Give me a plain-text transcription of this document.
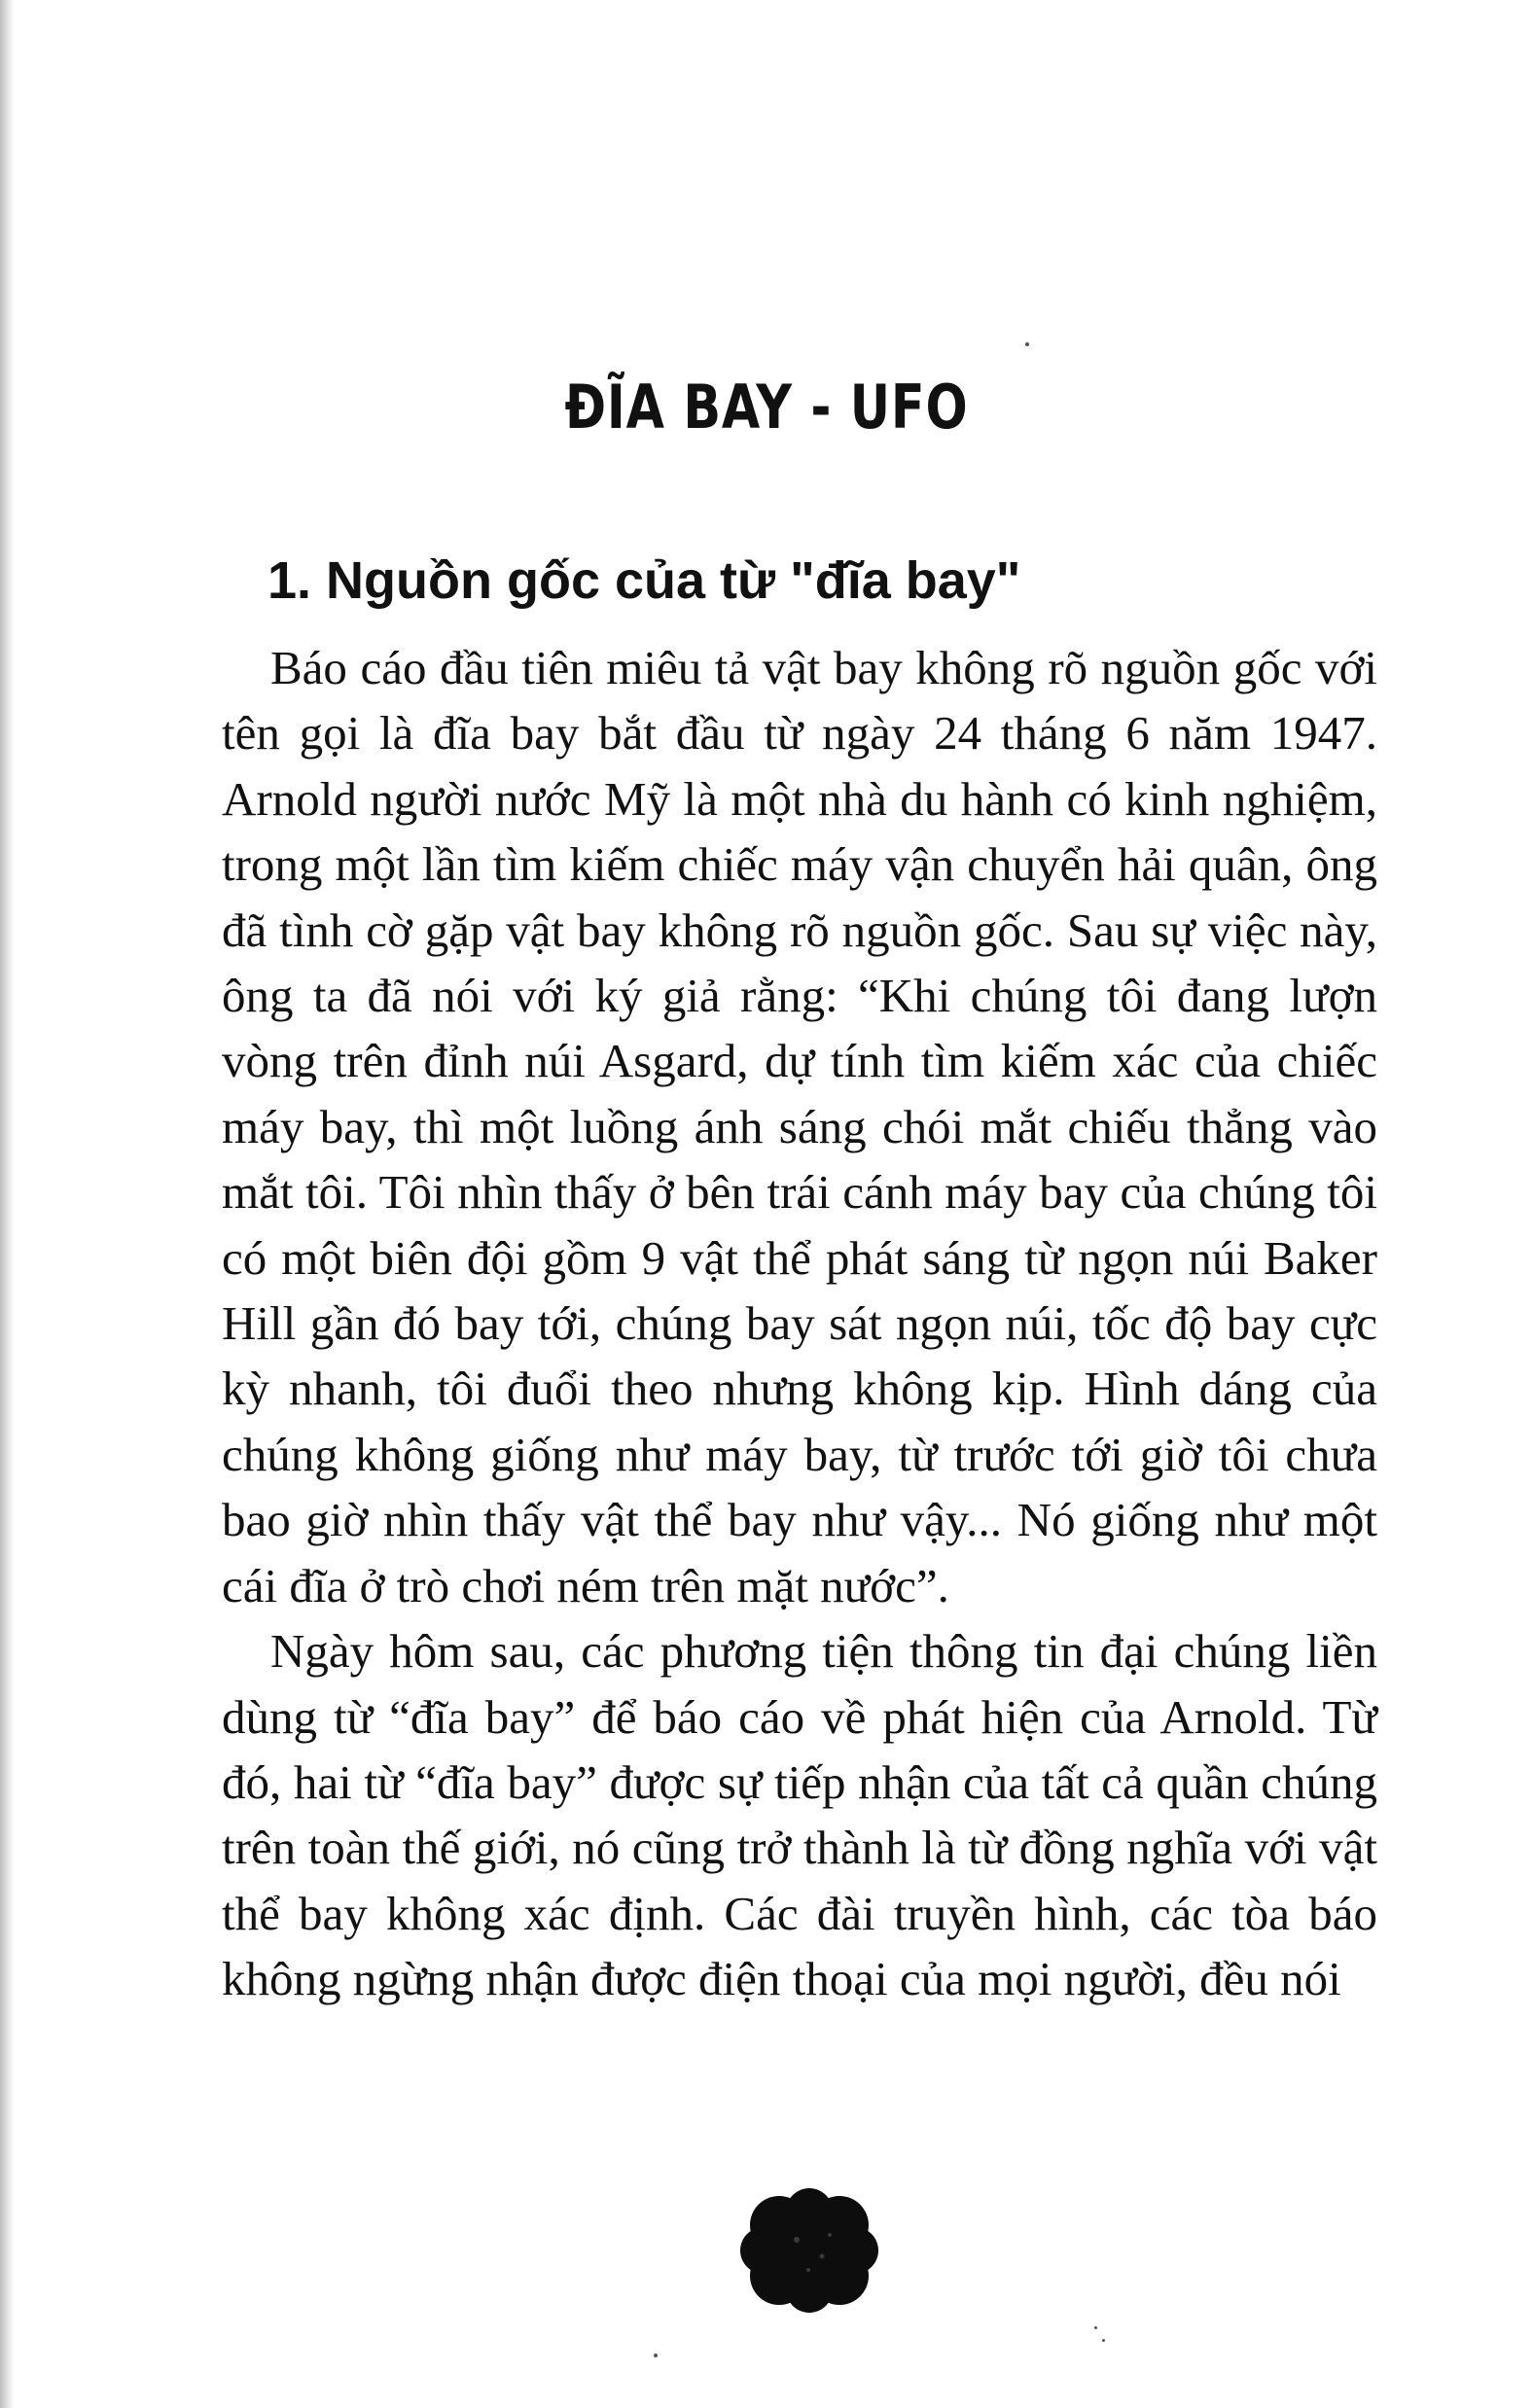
ĐĨA BAY - UFO
1. Nguồn gốc của từ "đĩa bay"

Báo cáo đầu tiên miêu tả vật bay không rõ nguồn gốc với tên gọi là đĩa bay bắt đầu từ ngày 24 tháng 6 năm 1947. Arnold người nước Mỹ là một nhà du hành có kinh nghiệm, trong một lần tìm kiếm chiếc máy vận chuyển hải quân, ông đã tình cờ gặp vật bay không rõ nguồn gốc. Sau sự việc này, ông ta đã nói với ký giả rằng: “Khi chúng tôi đang lượn vòng trên đỉnh núi Asgard, dự tính tìm kiếm xác của chiếc máy bay, thì một luồng ánh sáng chói mắt chiếu thẳng vào mắt tôi. Tôi nhìn thấy ở bên trái cánh máy bay của chúng tôi có một biên đội gồm 9 vật thể phát sáng từ ngọn núi Baker Hill gần đó bay tới, chúng bay sát ngọn núi, tốc độ bay cực kỳ nhanh, tôi đuổi theo nhưng không kịp. Hình dáng của chúng không giống như máy bay, từ trước tới giờ tôi chưa bao giờ nhìn thấy vật thể bay như vậy... Nó giống như một cái đĩa ở trò chơi ném trên mặt nước”.

Ngày hôm sau, các phương tiện thông tin đại chúng liền dùng từ “đĩa bay” để báo cáo về phát hiện của Arnold. Từ đó, hai từ “đĩa bay” được sự tiếp nhận của tất cả quần chúng trên toàn thế giới, nó cũng trở thành là từ đồng nghĩa với vật thể bay không xác định. Các đài truyền hình, các tòa báo không ngừng nhận được điện thoại của mọi người, đều nói
